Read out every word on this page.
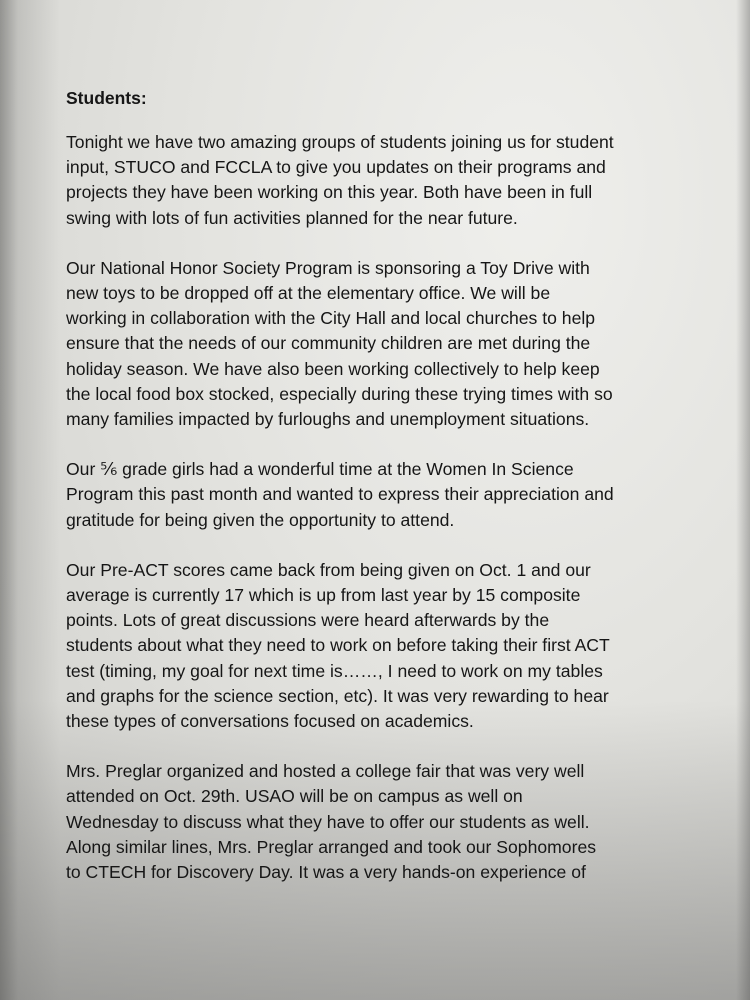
Students:

Tonight we have two amazing groups of students joining us for student
input, STUCO and FCCLA to give you updates on their programs and
projects they have been working on this year. Both have been in full
swing with lots of fun activities planned for the near future.

Our National Honor Society Program is sponsoring a Toy Drive with
new toys to be dropped off at the elementary office. We will be
working in collaboration with the City Hall and local churches to help
ensure that the needs of our community children are met during the
holiday season. We have also been working collectively to help keep
the local food box stocked, especially during these trying times with so
many families impacted by furloughs and unemployment situations.

Our ⅚ grade girls had a wonderful time at the Women In Science
Program this past month and wanted to express their appreciation and
gratitude for being given the opportunity to attend.

Our Pre-ACT scores came back from being given on Oct. 1 and our
average is currently 17 which is up from last year by 15 composite
points. Lots of great discussions were heard afterwards by the
students about what they need to work on before taking their first ACT
test (timing, my goal for next time is……, I need to work on my tables
and graphs for the science section, etc). It was very rewarding to hear
these types of conversations focused on academics.

Mrs. Preglar organized and hosted a college fair that was very well
attended on Oct. 29th. USAO will be on campus as well on
Wednesday to discuss what they have to offer our students as well.
Along similar lines, Mrs. Preglar arranged and took our Sophomores
to CTECH for Discovery Day. It was a very hands-on experience of
